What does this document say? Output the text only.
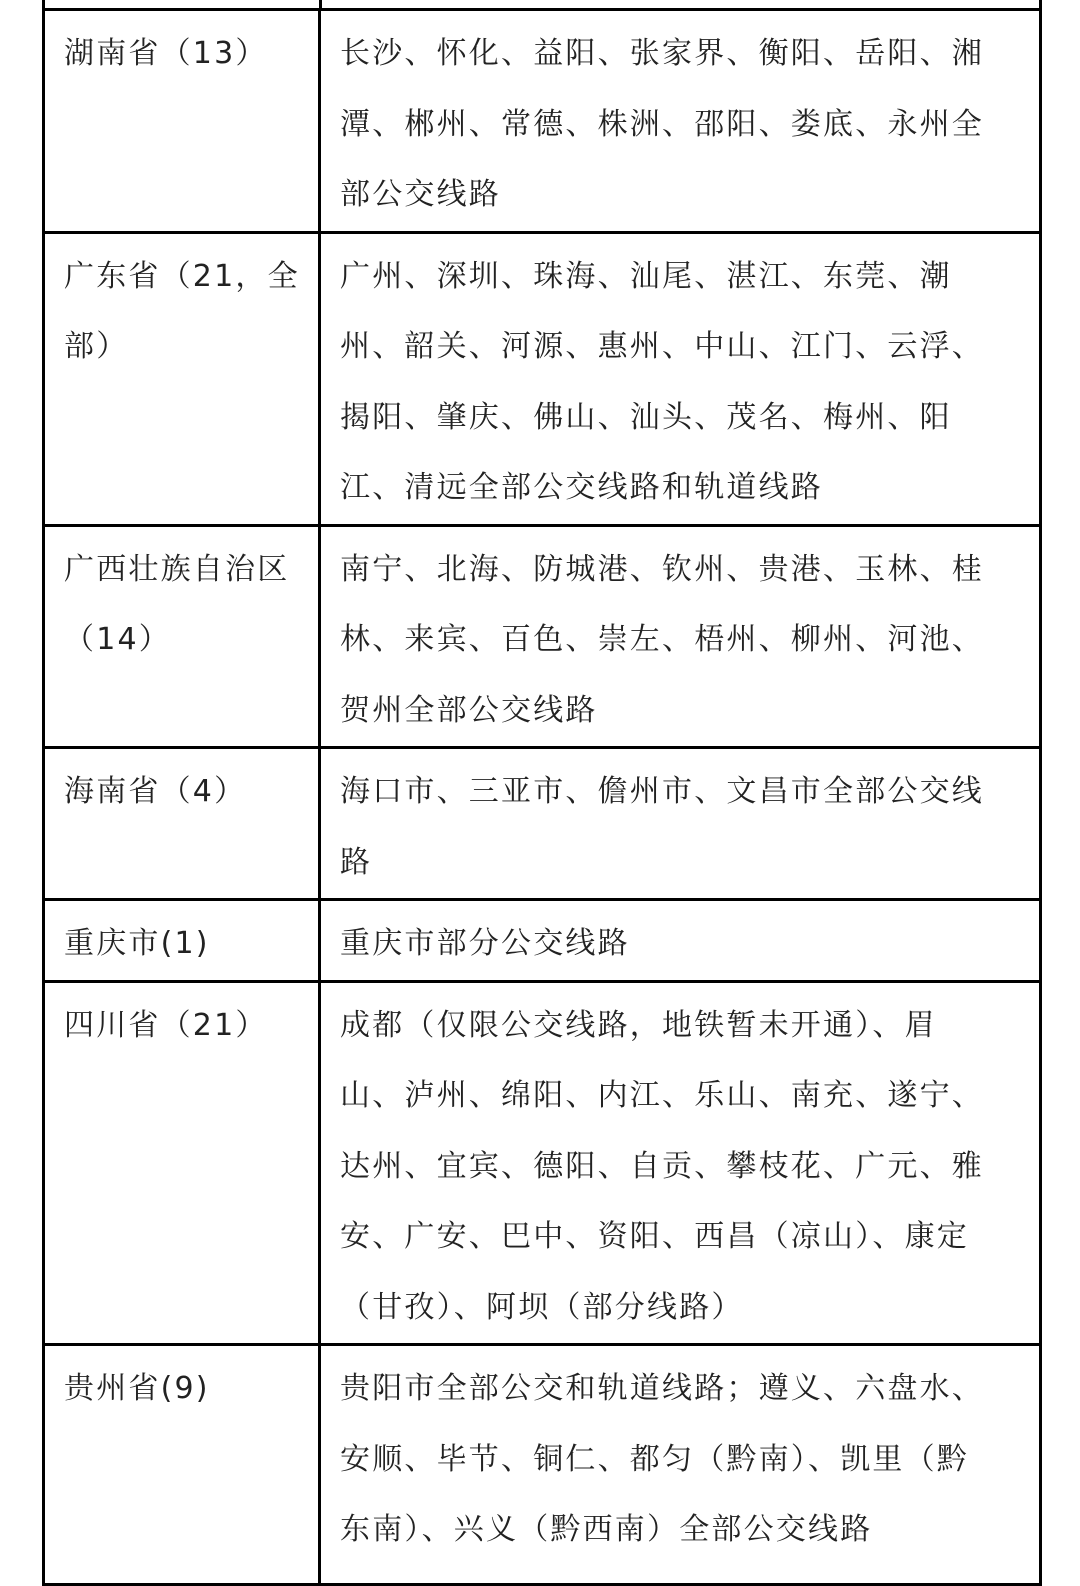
湖南省（13）	长沙、怀化、益阳、张家界、衡阳、岳阳、湘潭、郴州、常德、株洲、邵阳、娄底、永州全部公交线路
广东省（21，全部）	广州、深圳、珠海、汕尾、湛江、东莞、潮州、韶关、河源、惠州、中山、江门、云浮、揭阳、肇庆、佛山、汕头、茂名、梅州、阳江、清远全部公交线路和轨道线路
广西壮族自治区（14）	南宁、北海、防城港、钦州、贵港、玉林、桂林、来宾、百色、崇左、梧州、柳州、河池、贺州全部公交线路
海南省（4）	海口市、三亚市、儋州市、文昌市全部公交线路
重庆市(1)	重庆市部分公交线路
四川省（21）	成都（仅限公交线路，地铁暂未开通）、眉山、泸州、绵阳、内江、乐山、南充、遂宁、达州、宜宾、德阳、自贡、攀枝花、广元、雅安、广安、巴中、资阳、西昌（凉山）、康定（甘孜）、阿坝（部分线路）
贵州省(9)	贵阳市全部公交和轨道线路；遵义、六盘水、安顺、毕节、铜仁、都匀（黔南）、凯里（黔东南）、兴义（黔西南）全部公交线路
